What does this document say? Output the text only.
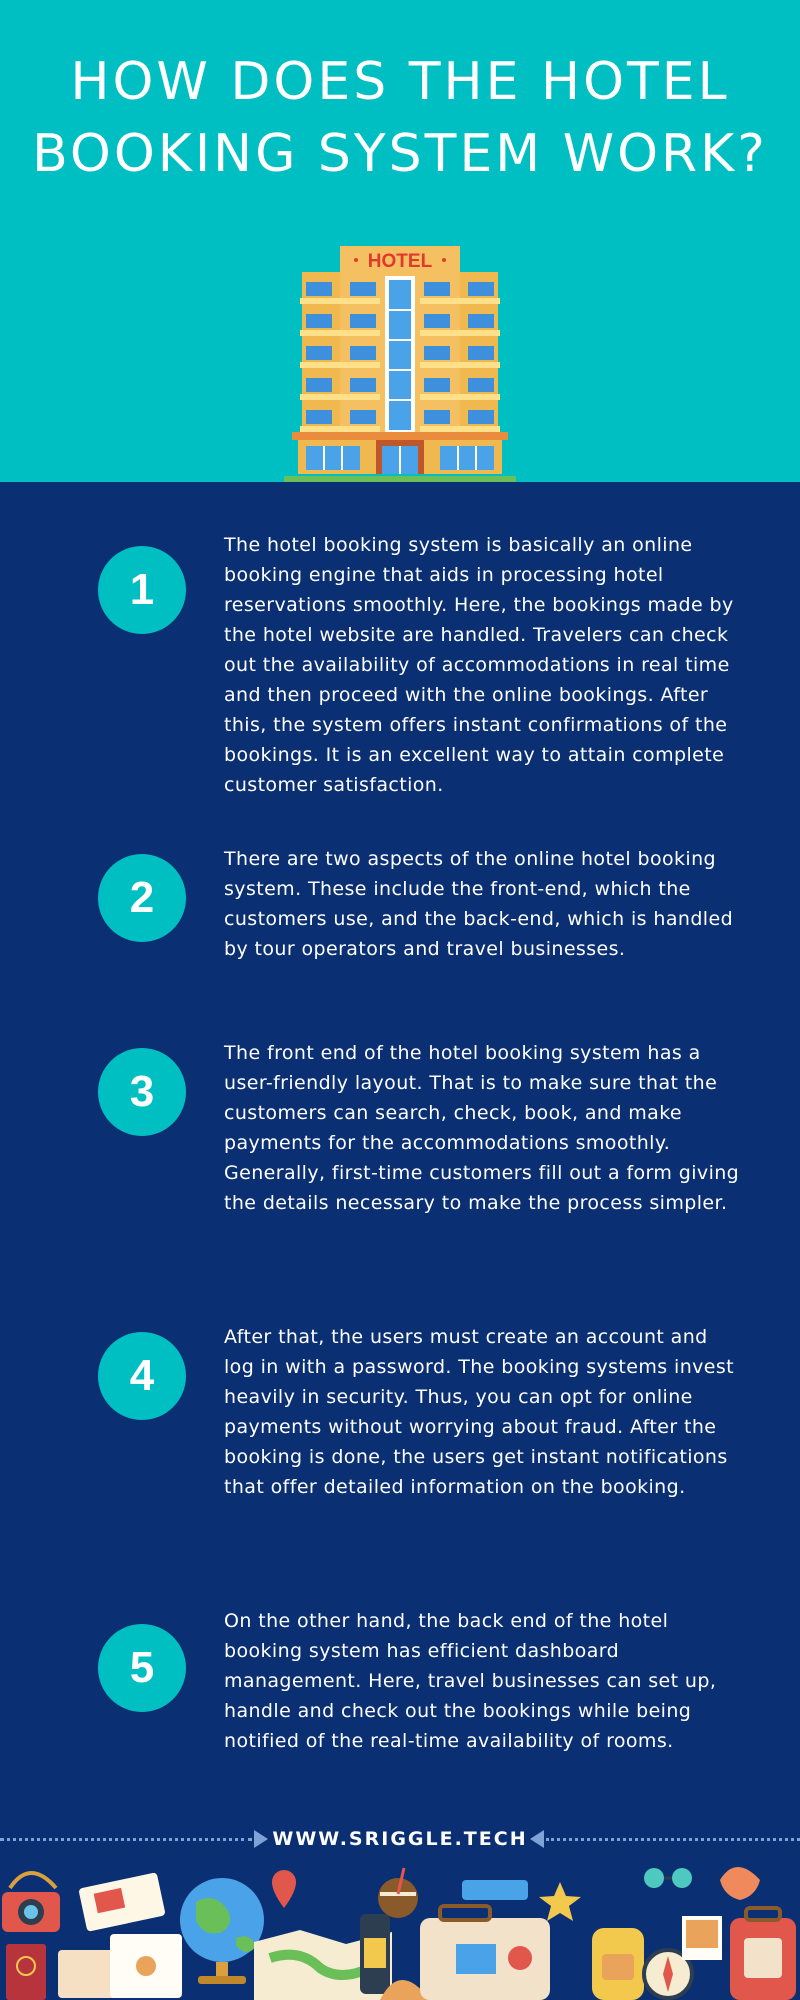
HOW DOES THE HOTEL
BOOKING SYSTEM WORK?
HOTEL
1
The hotel booking system is basically an online booking engine that aids in processing hotel reservations smoothly. Here, the bookings made by the hotel website are handled. Travelers can check out the availability of accommodations in real time and then proceed with the online bookings. After this, the system offers instant confirmations of the bookings. It is an excellent way to attain complete customer satisfaction.
2
There are two aspects of the online hotel booking system. These include the front-end, which the customers use, and the back-end, which is handled by tour operators and travel businesses.
3
The front end of the hotel booking system has a user-friendly layout. That is to make sure that the customers can search, check, book, and make payments for the accommodations smoothly. Generally, first-time customers fill out a form giving the details necessary to make the process simpler.
4
After that, the users must create an account and log in with a password. The booking systems invest heavily in security. Thus, you can opt for online payments without worrying about fraud. After the booking is done, the users get instant notifications that offer detailed information on the booking.
5
On the other hand, the back end of the hotel booking system has efficient dashboard management. Here, travel businesses can set up, handle and check out the bookings while being notified of the real-time availability of rooms.
WWW.SRIGGLE.TECH
